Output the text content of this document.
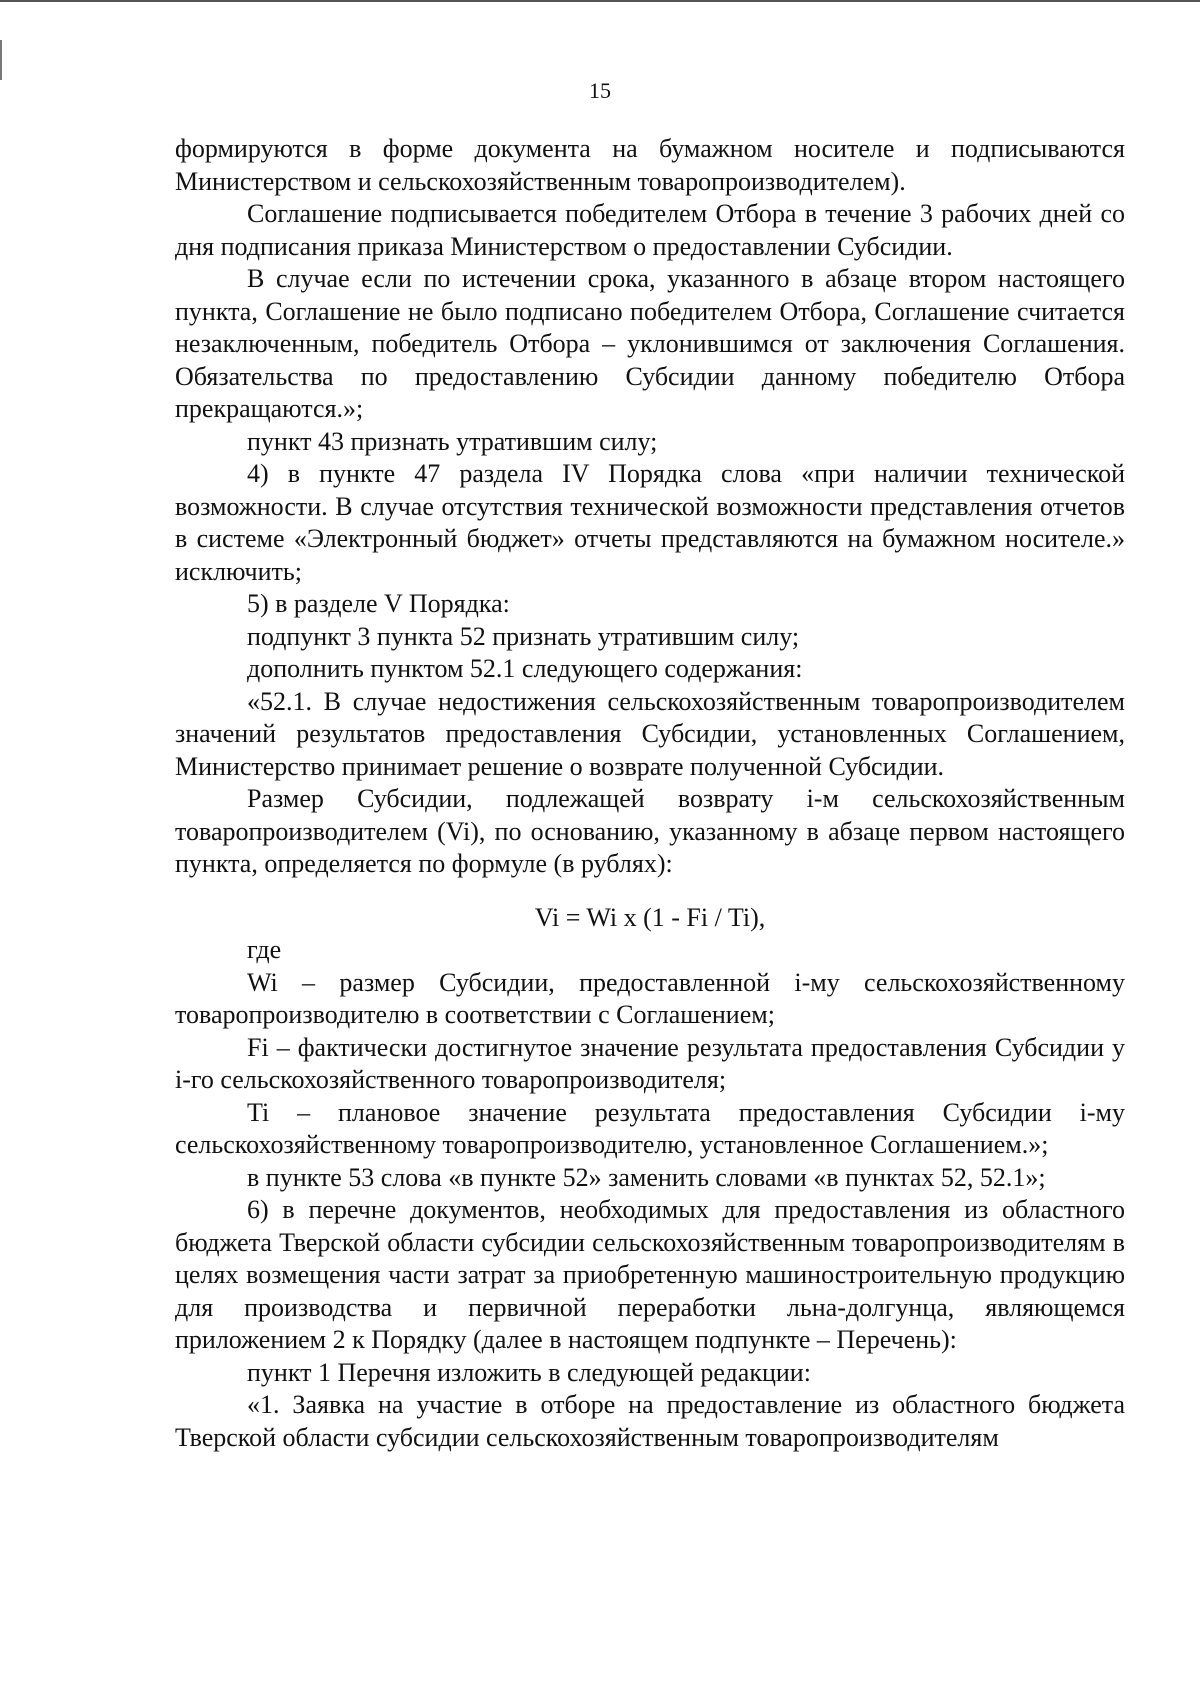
15

формируются в форме документа на бумажном носителе и подписываются Министерством и сельскохозяйственным товаропроизводителем).

Соглашение подписывается победителем Отбора в течение 3 рабочих дней со дня подписания приказа Министерством о предоставлении Субсидии.

В случае если по истечении срока, указанного в абзаце втором настоящего пункта, Соглашение не было подписано победителем Отбора, Соглашение считается незаключенным, победитель Отбора – уклонившимся от заключения Соглашения. Обязательства по предоставлению Субсидии данному победителю Отбора прекращаются.»;

пункт 43 признать утратившим силу;

4) в пункте 47 раздела IV Порядка слова «при наличии технической возможности. В случае отсутствия технической возможности представления отчетов в системе «Электронный бюджет» отчеты представляются на бумажном носителе.» исключить;

5) в разделе V Порядка:

подпункт 3 пункта 52 признать утратившим силу;

дополнить пунктом 52.1 следующего содержания:

«52.1. В случае недостижения сельскохозяйственным товаропроизводителем значений результатов предоставления Субсидии, установленных Соглашением, Министерство принимает решение о возврате полученной Субсидии.

Размер Субсидии, подлежащей возврату i-м сельскохозяйственным товаропроизводителем (Vi), по основанию, указанному в абзаце первом настоящего пункта, определяется по формуле (в рублях):

Vi = Wi x (1 - Fi / Ti),

где

Wi – размер Субсидии, предоставленной i-му сельскохозяйственному товаропроизводителю в соответствии с Соглашением;

Fi – фактически достигнутое значение результата предоставления Субсидии у i-го сельскохозяйственного товаропроизводителя;

Ti – плановое значение результата предоставления Субсидии i-му сельскохозяйственному товаропроизводителю, установленное Соглашением.»;

в пункте 53 слова «в пункте 52» заменить словами «в пунктах 52, 52.1»;

6) в перечне документов, необходимых для предоставления из областного бюджета Тверской области субсидии сельскохозяйственным товаропроизводителям в целях возмещения части затрат за приобретенную машиностроительную продукцию для производства и первичной переработки льна-долгунца, являющемся приложением 2 к Порядку (далее в настоящем подпункте – Перечень):

пункт 1 Перечня изложить в следующей редакции:

«1. Заявка на участие в отборе на предоставление из областного бюджета Тверской области субсидии сельскохозяйственным товаропроизводителям
